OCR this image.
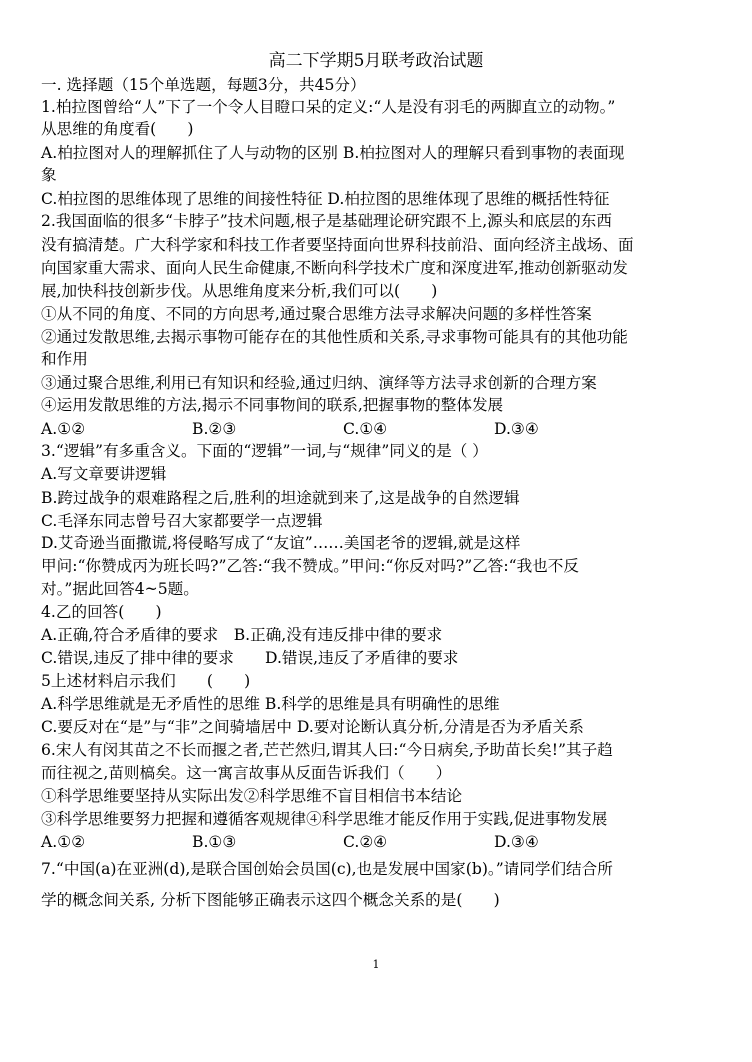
高二下学期5月联考政治试题
一. 选择题（15个单选题，每题3分，共45分）
1.柏拉图曾给“人”下了一个令人目瞪口呆的定义:“人是没有羽毛的两脚直立的动物。”
从思维的角度看(　　)
A.柏拉图对人的理解抓住了人与动物的区别 B.柏拉图对人的理解只看到事物的表面现
象
C.柏拉图的思维体现了思维的间接性特征 D.柏拉图的思维体现了思维的概括性特征
2.我国面临的很多“卡脖子”技术问题,根子是基础理论研究跟不上,源头和底层的东西
没有搞清楚。广大科学家和科技工作者要坚持面向世界科技前沿、面向经济主战场、面
向国家重大需求、面向人民生命健康,不断向科学技术广度和深度进军,推动创新驱动发
展,加快科技创新步伐。从思维角度来分析,我们可以(　　)
①从不同的角度、不同的方向思考,通过聚合思维方法寻求解决问题的多样性答案
②通过发散思维,去揭示事物可能存在的其他性质和关系,寻求事物可能具有的其他功能
和作用
③通过聚合思维,利用已有知识和经验,通过归纳、演绎等方法寻求创新的合理方案
④运用发散思维的方法,揭示不同事物间的联系,把握事物的整体发展
A.①②	B.②③	C.①④	D.③④
3.“逻辑”有多重含义。下面的“逻辑”一词,与“规律”同义的是（ ）
A.写文章要讲逻辑
B.跨过战争的艰难路程之后,胜利的坦途就到来了,这是战争的自然逻辑
C.毛泽东同志曾号召大家都要学一点逻辑
D.艾奇逊当面撒谎,将侵略写成了“友谊”……美国老爷的逻辑,就是这样
甲问:“你赞成丙为班长吗?”乙答:“我不赞成。”甲问:“你反对吗?”乙答:“我也不反
对。”据此回答4~5题。
4.乙的回答(　　)
A.正确,符合矛盾律的要求　B.正确,没有违反排中律的要求
C.错误,违反了排中律的要求　　D.错误,违反了矛盾律的要求
5上述材料启示我们　　(　　)
A.科学思维就是无矛盾性的思维 B.科学的思维是具有明确性的思维
C.要反对在“是”与“非”之间骑墙居中 D.要对论断认真分析,分清是否为矛盾关系
6.宋人有闵其苗之不长而揠之者,芒芒然归,谓其人曰:“今日病矣,予助苗长矣!”其子趋
而往视之,苗则槁矣。这一寓言故事从反面告诉我们（　　）
①科学思维要坚持从实际出发②科学思维不盲目相信书本结论
③科学思维要努力把握和遵循客观规律④科学思维才能反作用于实践,促进事物发展
A.①②	B.①③	C.②④	D.③④
7.“中国(a)在亚洲(d),是联合国创始会员国(c),也是发展中国家(b)。”请同学们结合所
学的概念间关系, 分析下图能够正确表示这四个概念关系的是(　　)
1
